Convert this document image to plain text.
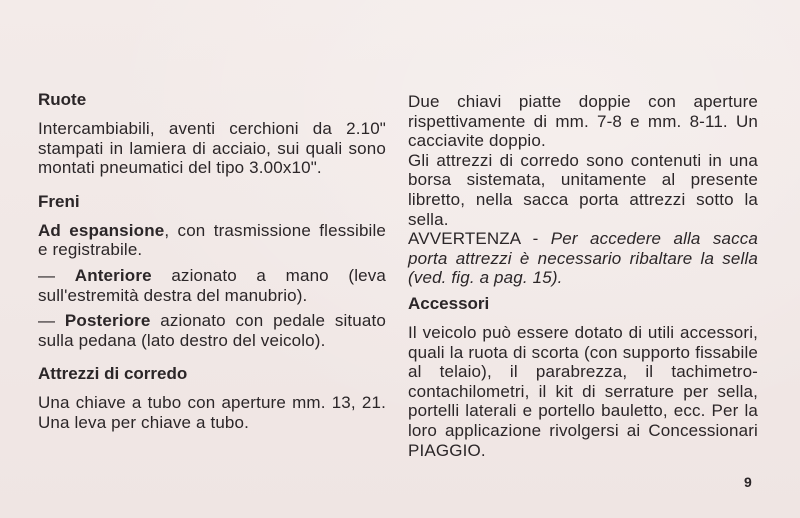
Ruote

Intercambiabili, aventi cerchioni da 2.10" stampati in lamiera di acciaio, sui quali sono montati pneumatici del tipo 3.00x10".

Freni

Ad espansione, con trasmissione flessibile e registrabile.

— Anteriore azionato a mano (leva sull'estremità destra del manubrio).

— Posteriore azionato con pedale situato sulla pedana (lato destro del veicolo).

Attrezzi di corredo

Una chiave a tubo con aperture mm. 13, 21. Una leva per chiave a tubo.

Due chiavi piatte doppie con aperture rispettivamente di mm. 7-8 e mm. 8-11. Un cacciavite doppio.

Gli attrezzi di corredo sono contenuti in una borsa sistemata, unitamente al presente libretto, nella sacca porta attrezzi sotto la sella.

AVVERTENZA - Per accedere alla sacca porta attrezzi è necessario ribaltare la sella (ved. fig. a pag. 15).

Accessori

Il veicolo può essere dotato di utili accessori, quali la ruota di scorta (con supporto fissabile al telaio), il parabrezza, il tachimetro-contachilometri, il kit di serrature per sella, portelli laterali e portello bauletto, ecc. Per la loro applicazione rivolgersi ai Concessionari PIAGGIO.

9
